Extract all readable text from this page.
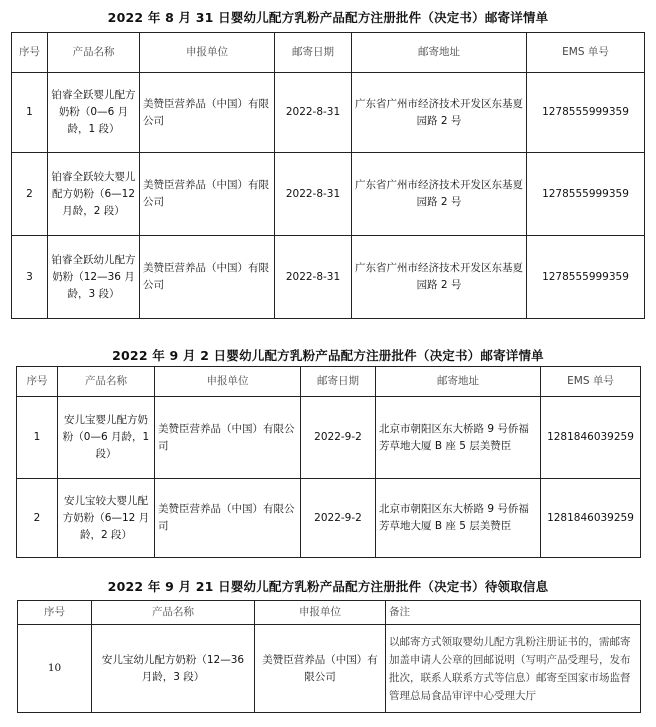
2022 年 8 月 31 日婴幼儿配方乳粉产品配方注册批件（决定书）邮寄详情单
序号	产品名称	申报单位	邮寄日期	邮寄地址	EMS 单号
1	铂睿全跃婴儿配方奶粉（0—6 月龄，1 段）	美赞臣营养品（中国）有限公司	2022-8-31	广东省广州市经济技术开发区东基夏园路 2 号	1278555999359
2	铂睿全跃较大婴儿配方奶粉（6—12 月龄，2 段）	美赞臣营养品（中国）有限公司	2022-8-31	广东省广州市经济技术开发区东基夏园路 2 号	1278555999359
3	铂睿全跃幼儿配方奶粉（12—36 月龄，3 段）	美赞臣营养品（中国）有限公司	2022-8-31	广东省广州市经济技术开发区东基夏园路 2 号	1278555999359
2022 年 9 月 2 日婴幼儿配方乳粉产品配方注册批件（决定书）邮寄详情单
序号	产品名称	申报单位	邮寄日期	邮寄地址	EMS 单号
1	安儿宝婴儿配方奶粉（0—6 月龄，1 段）	美赞臣营养品（中国）有限公司	2022-9-2	北京市朝阳区东大桥路 9 号侨福芳草地大厦 B 座 5 层美赞臣	1281846039259
2	安儿宝较大婴儿配方奶粉（6—12 月龄，2 段）	美赞臣营养品（中国）有限公司	2022-9-2	北京市朝阳区东大桥路 9 号侨福芳草地大厦 B 座 5 层美赞臣	1281846039259
2022 年 9 月 21 日婴幼儿配方乳粉产品配方注册批件（决定书）待领取信息
序号	产品名称	申报单位	备注
10	安儿宝幼儿配方奶粉（12—36 月龄，3 段）	美赞臣营养品（中国）有限公司	以邮寄方式领取婴幼儿配方乳粉注册证书的，需邮寄加盖申请人公章的回邮说明（写明产品受理号，发布批次，联系人联系方式等信息）邮寄至国家市场监督管理总局食品审评中心受理大厅
